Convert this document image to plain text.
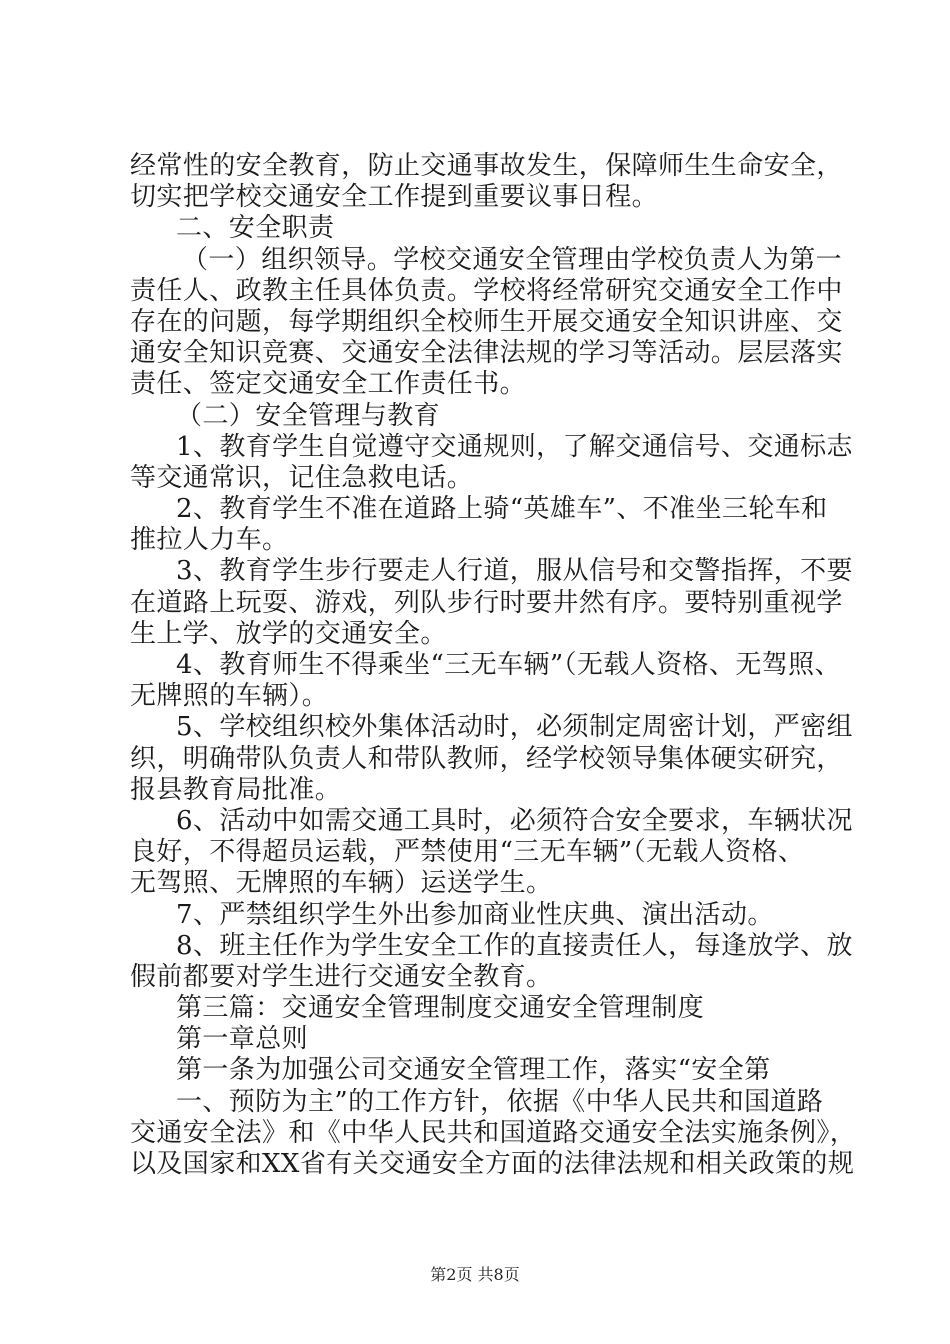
经常性的安全教育，防止交通事故发生，保障师生生命安全，
切实把学校交通安全工作提到重要议事日程。
二、安全职责
（一）组织领导。学校交通安全管理由学校负责人为第一
责任人、政教主任具体负责。学校将经常研究交通安全工作中
存在的问题，每学期组织全校师生开展交通安全知识讲座、交
通安全知识竞赛、交通安全法律法规的学习等活动。层层落实
责任、签定交通安全工作责任书。
（二）安全管理与教育
1、教育学生自觉遵守交通规则，了解交通信号、交通标志
等交通常识，记住急救电话。
2、教育学生不准在道路上骑“英雄车”、不准坐三轮车和
推拉人力车。
3、教育学生步行要走人行道，服从信号和交警指挥，不要
在道路上玩耍、游戏，列队步行时要井然有序。要特别重视学
生上学、放学的交通安全。
4、教育师生不得乘坐“三无车辆”（无载人资格、无驾照、
无牌照的车辆）。
5、学校组织校外集体活动时，必须制定周密计划，严密组
织，明确带队负责人和带队教师，经学校领导集体硬实研究，
报县教育局批准。
6、活动中如需交通工具时，必须符合安全要求，车辆状况
良好，不得超员运载，严禁使用“三无车辆”（无载人资格、
无驾照、无牌照的车辆）运送学生。
7、严禁组织学生外出参加商业性庆典、演出活动。
8、班主任作为学生安全工作的直接责任人，每逢放学、放
假前都要对学生进行交通安全教育。
第三篇：交通安全管理制度交通安全管理制度
第一章总则
第一条为加强公司交通安全管理工作，落实“安全第
一、预防为主”的工作方针，依据《中华人民共和国道路
交通安全法》和《中华人民共和国道路交通安全法实施条例》，
以及国家和XX省有关交通安全方面的法律法规和相关政策的规
第2页 共8页
